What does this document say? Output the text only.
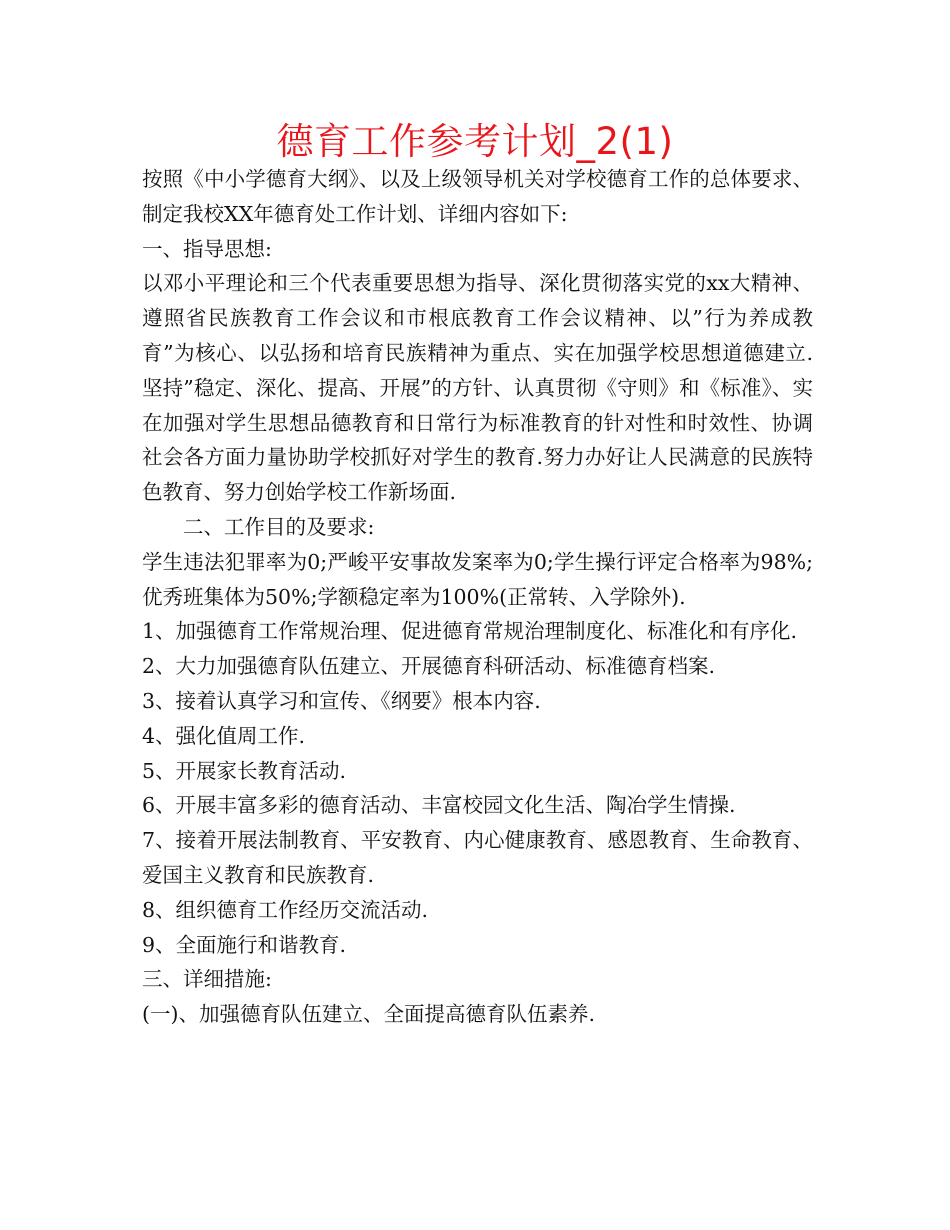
德育工作参考计划_2(1)

按照《中小学德育大纲》、以及上级领导机关对学校德育工作的总体要求、制定我校XX年德育处工作计划、详细内容如下:

一、指导思想:

以邓小平理论和三个代表重要思想为指导、深化贯彻落实党的xx大精神、遵照省民族教育工作会议和市根底教育工作会议精神、以”行为养成教育”为核心、以弘扬和培育民族精神为重点、实在加强学校思想道德建立.坚持”稳定、深化、提高、开展”的方针、认真贯彻《守则》和《标准》、实在加强对学生思想品德教育和日常行为标准教育的针对性和时效性、协调社会各方面力量协助学校抓好对学生的教育.努力办好让人民满意的民族特色教育、努力创始学校工作新场面.

二、工作目的及要求:

学生违法犯罪率为0;严峻平安事故发案率为0;学生操行评定合格率为98%;优秀班集体为50%;学额稳定率为100%(正常转、入学除外).

1、加强德育工作常规治理、促进德育常规治理制度化、标准化和有序化.

2、大力加强德育队伍建立、开展德育科研活动、标准德育档案.

3、接着认真学习和宣传、《纲要》根本内容.

4、强化值周工作.

5、开展家长教育活动.

6、开展丰富多彩的德育活动、丰富校园文化生活、陶冶学生情操.

7、接着开展法制教育、平安教育、内心健康教育、感恩教育、生命教育、爱国主义教育和民族教育.

8、组织德育工作经历交流活动.

9、全面施行和谐教育.

三、详细措施:

(一)、加强德育队伍建立、全面提高德育队伍素养.
